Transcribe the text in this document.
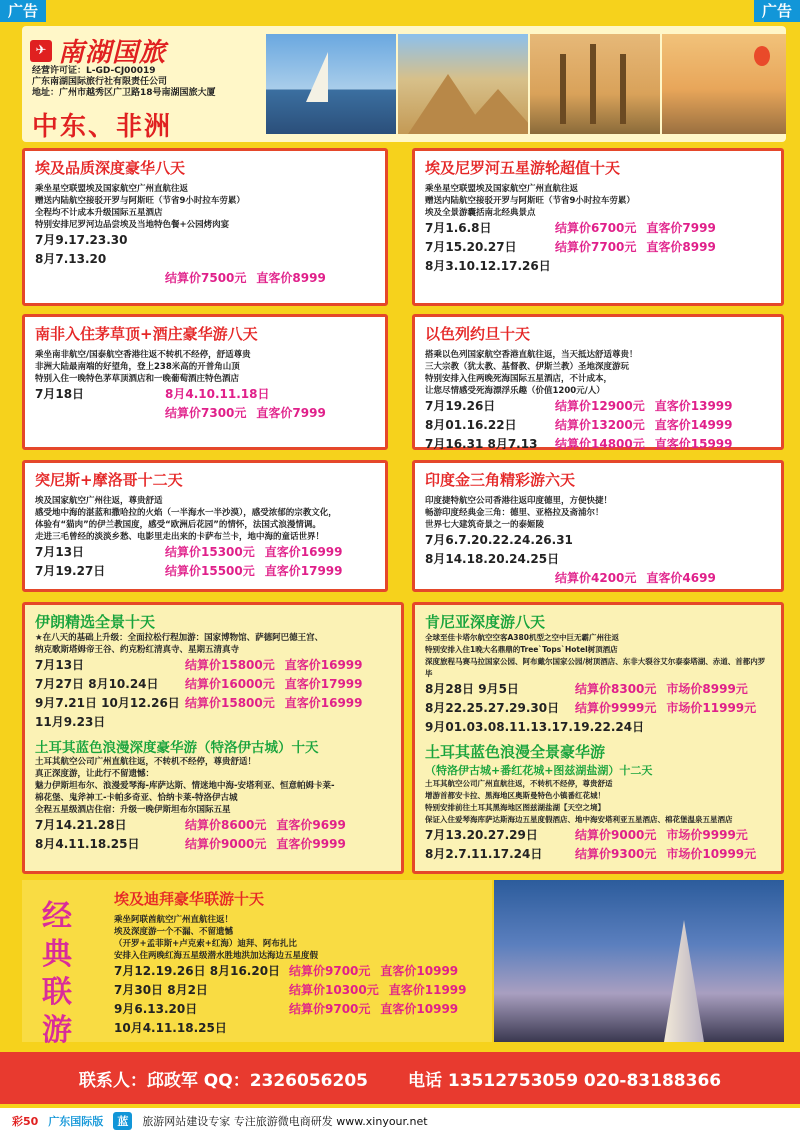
广告	广告
✈ 南湖国旅
经营许可证：L-GD-CJ00019
广东南湖国际旅行社有限责任公司
地址：广州市越秀区广卫路18号南湖国旅大厦
中东、非洲
埃及品质深度豪华八天
乘坐星空联盟埃及国家航空广州直航往返
赠送内陆航空接驳开罗与阿斯旺（节省9小时拉车劳累）
全程均不计成本升级国际五星酒店
特别安排尼罗河边品尝埃及当地特色餐+公园烤肉宴
7月9.17.23.30
8月7.13.20
结算价7500元 直客价8999
埃及尼罗河五星游轮超值十天
乘坐星空联盟埃及国家航空广州直航往返
赠送内陆航空接驳开罗与阿斯旺（节省9小时拉车劳累）
埃及全景游囊括南北经典景点
7月1.6.8日	结算价6700元 直客价7999
7月15.20.27日	结算价7700元 直客价8999
8月3.10.12.17.26日
南非入住茅草顶+酒庄豪华游八天
乘坐南非航空/国泰航空香港往返不转机不经停，舒适尊贵
非洲大陆最南端的好望角，登上238米高的开普角山顶
特别入住一晚特色茅草顶酒店和一晚葡萄酒庄特色酒店
7月18日	8月4.10.11.18日
结算价7300元 直客价7999
以色列约旦十天
搭乘以色列国家航空香港直航往返，当天抵达舒适尊贵！
三大宗教（犹太教、基督教、伊斯兰教）圣地深度游玩
特别安排入住两晚死海国际五星酒店，不计成本，
让您尽情感受死海漂浮乐趣（价值1200元/人）
7月19.26日	结算价12900元 直客价13999
8月01.16.22日	结算价13200元 直客价14999
7月16.31 8月7.13	结算价14800元 直客价15999
突尼斯+摩洛哥十二天
埃及国家航空广州往返，尊贵舒适
感受地中海的湛蓝和撒哈拉的火焰（一半海水一半沙漠），感受浓郁的宗教文化，
体验有“猫肉”的伊兰教国度，感受“欧洲后花园”的情怀，法国式浪漫情调。
走进三毛曾经的淡淡乡愁、电影里走出来的卡萨布兰卡，地中海的童话世界！
7月13日	结算价15300元 直客价16999
7月19.27日	结算价15500元 直客价17999
印度金三角精彩游六天
印度捷特航空公司香港往返印度德里，方便快捷！
畅游印度经典金三角：德里、亚格拉及斋浦尔！
世界七大建筑奇景之一的泰姬陵
7月6.7.20.22.24.26.31
8月14.18.20.24.25日
结算价4200元 直客价4699
伊朗精选全景十天
★在八天的基础上升级：全面拉松行程加游：国家博物馆、萨德阿巴德王宫、
纳克歌斯塔姆帝王谷、约克粉红清真寺、星期五清真寺
7月13日	结算价15800元 直客价16999
7月27日 8月10.24日	结算价16000元 直客价17999
9月7.21日 10月12.26日 结算价15800元 直客价16999
11月9.23日
土耳其蓝色浪漫深度豪华游（特洛伊古城）十天
土耳其航空公司广州直航往返，不转机不经停，尊贵舒适！
真正深度游，让此行不留遗憾：
魅力伊斯坦布尔、浪漫爱琴海-库萨达斯、情迷地中海-安塔利亚、恒意帕姆卡莱-
棉花堡、鬼斧神工-卡帕多奇亚、恰纳卡莱-特洛伊古城
全程五星级酒店住宿：升级一晚伊斯坦布尔国际五星
7月14.21.28日	结算价8600元 直客价9699
8月4.11.18.25日	结算价9000元 直客价9999
肯尼亚深度游八天
全球至佳卡塔尔航空空客A380机型之空中巨无霸广州往返
特别安排入住1晚大名鼎鼎的Tree`Tops`Hotel树顶酒店
深度旅程马赛马拉国家公园、阿布戴尔国家公园/树顶酒店、东非大裂谷艾尔泰泰塔湖、赤道、首都内罗毕
8月28日 9月5日	结算价8300元 市场价8999元
8月22.25.27.29.30日	结算价9999元 市场价11999元
9月01.03.08.11.13.17.19.22.24日
土耳其蓝色浪漫全景豪华游
（特洛伊古城+番红花城+图兹湖盐湖）十二天
土耳其航空公司广州直航往返，不转机不经停，尊贵舒适
增游首都安卡拉、黑海地区奥斯曼特色小镇番红花城！
特别安排前往土耳其黑海地区图兹湖盐湖【天空之境】
保证入住爱琴海库萨达斯海边五星度假酒店、地中海安塔利亚五星酒店、棉花堡温泉五星酒店
7月13.20.27.29日	结算价9000元 市场价9999元
8月2.7.11.17.24日	结算价9300元 市场价10999元
经典联游
埃及迪拜豪华联游十天
乘坐阿联酋航空广州直航往返！
埃及深度游一个不漏、不留遗憾
（开罗+孟菲斯+卢克索+红海）迪拜、阿布扎比
安排入住两晚红海五星级潜水胜地洪加达海边五星度假
7月12.19.26日 8月16.20日 结算价9700元 直客价10999
7月30日 8月2日	结算价10300元 直客价11999
9月6.13.20日	结算价9700元 直客价10999
10月4.11.18.25日
联系人：邱政军 QQ：2326056205 电话 13512753059 020-83188366
彩50 广东国际版	蓝	旅游网站建设专家 专注旅游微电商研发 www.xinyour.net
